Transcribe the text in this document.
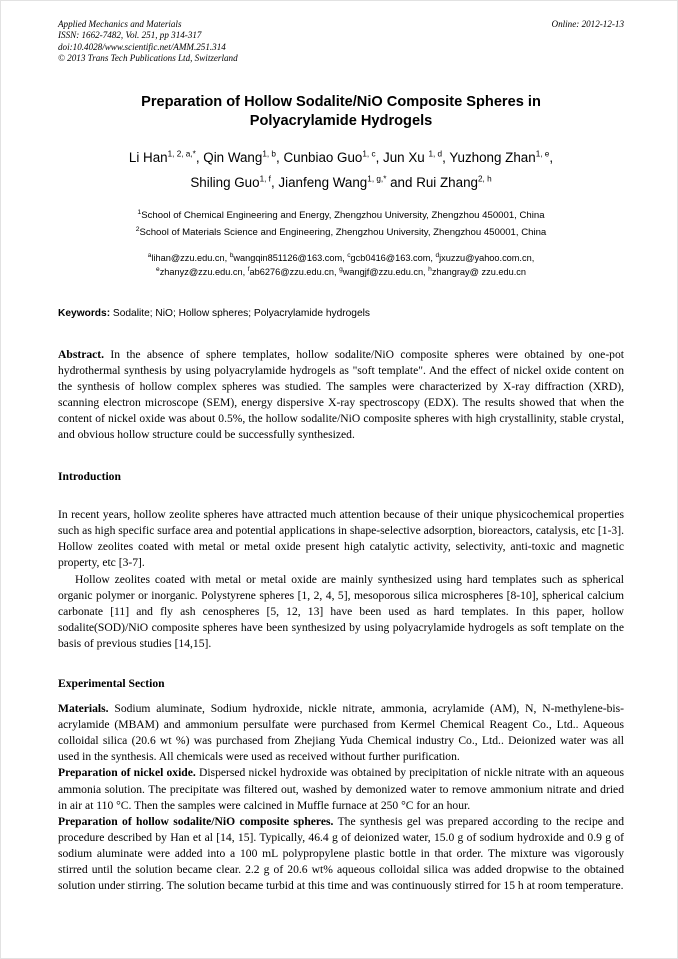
Online: 2012-12-13
Applied Mechanics and Materials
ISSN: 1662-7482, Vol. 251, pp 314-317
doi:10.4028/www.scientific.net/AMM.251.314
© 2013 Trans Tech Publications Ltd, Switzerland
Preparation of Hollow Sodalite/NiO Composite Spheres in Polyacrylamide Hydrogels
Li Han$^{1, 2, a,*}$, Qin Wang$^{1, b}$, Cunbiao Guo$^{1, c}$, Jun Xu $^{1, d}$, Yuzhong Zhan$^{1, e}$,
Shiling Guo$^{1, f}$, Jianfeng Wang$^{1, g,*}$ and Rui Zhang$^{2, h}$
$^1$School of Chemical Engineering and Energy, Zhengzhou University, Zhengzhou 450001, China
$^2$School of Materials Science and Engineering, Zhengzhou University, Zhengzhou 450001, China
$^a$lihan@zzu.edu.cn, $^b$wangqin851126@163.com, $^c$gcb0416@163.com, $^d$jxuzzu@yahoo.com.cn,
$^e$zhanyz@zzu.edu.cn, $^f$ab6276@zzu.edu.cn, $^g$wangjf@zzu.edu.cn, $^h$zhangray@ zzu.edu.cn
Keywords: Sodalite; NiO; Hollow spheres; Polyacrylamide hydrogels
Abstract. In the absence of sphere templates, hollow sodalite/NiO composite spheres were obtained by one-pot hydrothermal synthesis by using polyacrylamide hydrogels as "soft template". And the effect of nickel oxide content on the synthesis of hollow complex spheres was studied. The samples were characterized by X-ray diffraction (XRD), scanning electron microscope (SEM), energy dispersive X-ray spectroscopy (EDX). The results showed that when the content of nickel oxide was about 0.5%, the hollow sodalite/NiO composite spheres with high crystallinity, stable crystal, and obvious hollow structure could be successfully synthesized.
Introduction
In recent years, hollow zeolite spheres have attracted much attention because of their unique physicochemical properties such as high specific surface area and potential applications in shape-selective adsorption, bioreactors, catalysis, etc [1-3]. Hollow zeolites coated with metal or metal oxide present high catalytic activity, selectivity, anti-toxic and magnetic property, etc [3-7].
Hollow zeolites coated with metal or metal oxide are mainly synthesized using hard templates such as spherical organic polymer or inorganic. Polystyrene spheres [1, 2, 4, 5], mesoporous silica microspheres [8-10], spherical calcium carbonate [11] and fly ash cenospheres [5, 12, 13] have been used as hard templates. In this paper, hollow sodalite(SOD)/NiO composite spheres have been synthesized by using polyacrylamide hydrogels as soft template on the basis of previous studies [14,15].
Experimental Section
Materials. Sodium aluminate, Sodium hydroxide, nickle nitrate, ammonia, acrylamide (AM), N, N-methylene-bis-acrylamide (MBAM) and ammonium persulfate were purchased from Kermel Chemical Reagent Co., Ltd.. Aqueous colloidal silica (20.6 wt %) was purchased from Zhejiang Yuda Chemical industry Co., Ltd.. Deionized water was all used in the synthesis. All chemicals were used as received without further purification.
Preparation of nickel oxide. Dispersed nickel hydroxide was obtained by precipitation of nickle nitrate with an aqueous ammonia solution. The precipitate was filtered out, washed by demonized water to remove ammonium nitrate and dried in air at 110 °C. Then the samples were calcined in Muffle furnace at 250 °C for an hour.
Preparation of hollow sodalite/NiO composite spheres. The synthesis gel was prepared according to the recipe and procedure described by Han et al [14, 15]. Typically, 46.4 g of deionized water, 15.0 g of sodium hydroxide and 0.9 g of sodium aluminate were added into a 100 mL polypropylene plastic bottle in that order. The mixture was vigorously stirred until the solution became clear. 2.2 g of 20.6 wt% aqueous colloidal silica was added dropwise to the obtained solution under stirring. The solution became turbid at this time and was continuously stirred for 15 h at room temperature.
